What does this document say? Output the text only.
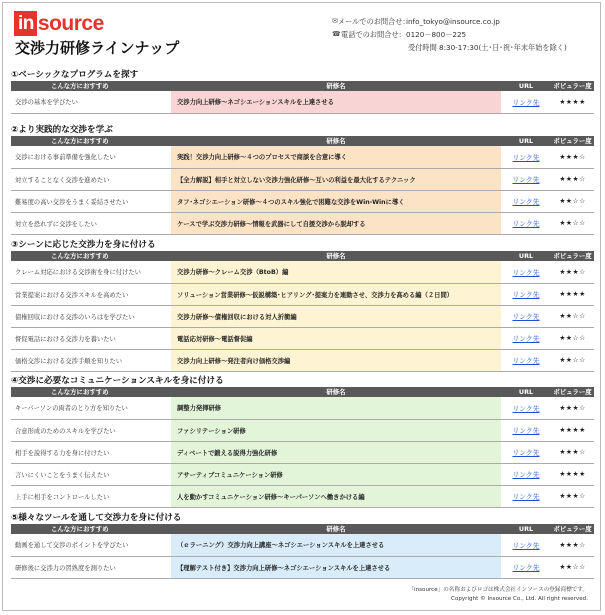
in source
交渉力研修ラインナップ
✉ メールでのお問合せ：
info_tokyo@insource.co.jp
☎ 電話でのお問合せ： 0120－800－225
受付時間 8:30-17:30(土･日･祝･年末年始を除く)
①ベーシックなプログラムを探す
こんな方におすすめ	研修名	URL	ポピュラー度
交渉の基本を学びたい	交渉力向上研修～ネゴシエーションスキルを上達させる	リンク先	★★★★
②より実践的な交渉を学ぶ
こんな方におすすめ	研修名	URL	ポピュラー度
交渉における事前準備を強化したい	実践！交渉力向上研修～４つのプロセスで商談を合意に導く	リンク先	★★★☆
対立することなく交渉を進めたい	【全力解説】相手と対立しない交渉力強化研修～互いの利益を最大化するテクニック	リンク先	★★★☆
難易度の高い交渉をうまく妥結させたい	タフ･ネゴシエーション研修～４つのスキル強化で困難な交渉をWin-Winに導く	リンク先	★★☆☆
対立を恐れずに交渉をしたい	ケースで学ぶ交渉力研修～情報を武器にして自援交渉から脱却する	リンク先	★★☆☆
③シーンに応じた交渉力を身に付ける
こんな方におすすめ	研修名	URL	ポピュラー度
クレーム対応における交渉術を身に付けたい	交渉力研修～クレーム交渉（BtoB）編	リンク先	★★★☆
営業提案における交渉スキルを高めたい	ソリューション営業研修～仮説構築･ヒアリング･提案力を連動させ、交渉力を高める編（２日間）	リンク先	★★★★
債権回収における交渉のいろはを学びたい	交渉力研修～債権回収における対人折衝編	リンク先	★★☆☆
督促電話における交渉力を養いたい	電話応対研修～電話督促編	リンク先	★★☆☆
価格交渉における交渉手順を知りたい	交渉力向上研修～発注者向け価格交渉編	リンク先	★★☆☆
④交渉に必要なコミュニケーションスキルを身に付ける
こんな方におすすめ	研修名	URL	ポピュラー度
キーパーソンの両者のとり方を知りたい	調整力発揮研修	リンク先	★★★☆
合意形成のためのスキルを学びたい	ファシリテーション研修	リンク先	★★★★
相手を説得する力を身に付けたい	ディベートで鍛える説得力強化研修	リンク先	★★★☆
言いにくいことをうまく伝えたい	アサーティブコミュニケーション研修	リンク先	★★★★
上手に相手をコントロールしたい	人を動かすコミュニケーション研修～キーパーソンへ働きかける編	リンク先	★★★☆
⑤様々なツールを通して交渉力を身に付ける
こんな方におすすめ	研修名	URL	ポピュラー度
動画を通して交渉のポイントを学びたい	（ｅラーニング）交渉力向上講座～ネゴシエーションスキルを上達させる	リンク先	★★★☆
研修後に交渉力の習熟度を測りたい	【理解テスト付き】交渉力向上研修～ネゴシエーションスキルを上達させる	リンク先	★★☆☆
「insource」の名称およびロゴは株式会社インソースの登録商標です。
Copyright © Insource Co., Ltd. All right reserved.
